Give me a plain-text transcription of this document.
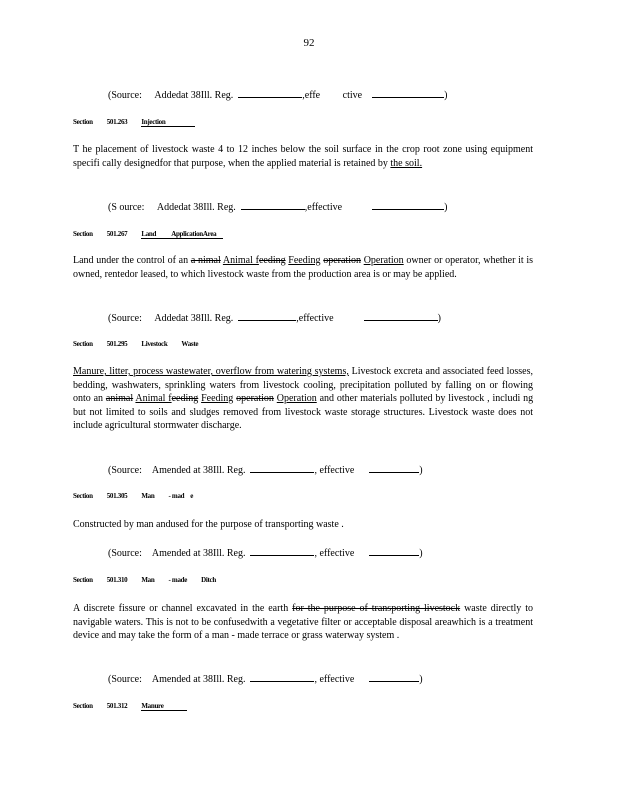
92
(Source: Addedat 38Ill. Reg.	,effe ctive	)
Section 501.263 Injection
T he placement of livestock waste 4 to 12 inches below the soil surface in the crop root zone using equipment specifi cally designedfor that purpose, when the applied material is retained by the soil.
(S ource: Addedat 38Ill. Reg.	,effective	)
Section 501.267 Land ApplicationArea
Land under the control of an a nimal Animal feeding Feeding operation Operation owner or operator, whether it is owned, rentedor leased, to which livestock waste from the production area is or may be applied.
(Source: Addedat 38Ill. Reg.	,effective	)
Section 501.295 Livestock Waste
Manure, litter, process wastewater, overflow from watering systems, Livestock excreta and associated feed losses, bedding, washwaters, sprinkling waters from livestock cooling, precipitation polluted by falling on or flowing onto an animal Animal feeding Feeding operation Operation and other materials polluted by livestock , includi ng but not limited to soils and sludges removed from livestock waste storage structures. Livestock waste does not include agricultural stormwater discharge.
(Source: Amended at 38Ill. Reg.	, effective	)
Section 501.305 Man - mad e
Constructed by man andused for the purpose of transporting waste .
(Source: Amended at 38Ill. Reg.	, effective	)
Section 501.310 Man - made Ditch
A discrete fissure or channel excavated in the earth for the purpose of transporting livestock waste directly to navigable waters. This is not to be confusedwith a vegetative filter or acceptable disposal areawhich is a treatment device and may take the form of a man - made terrace or grass waterway system .
(Source: Amended at 38Ill. Reg.	, effective	)
Section 501.312 Manure
